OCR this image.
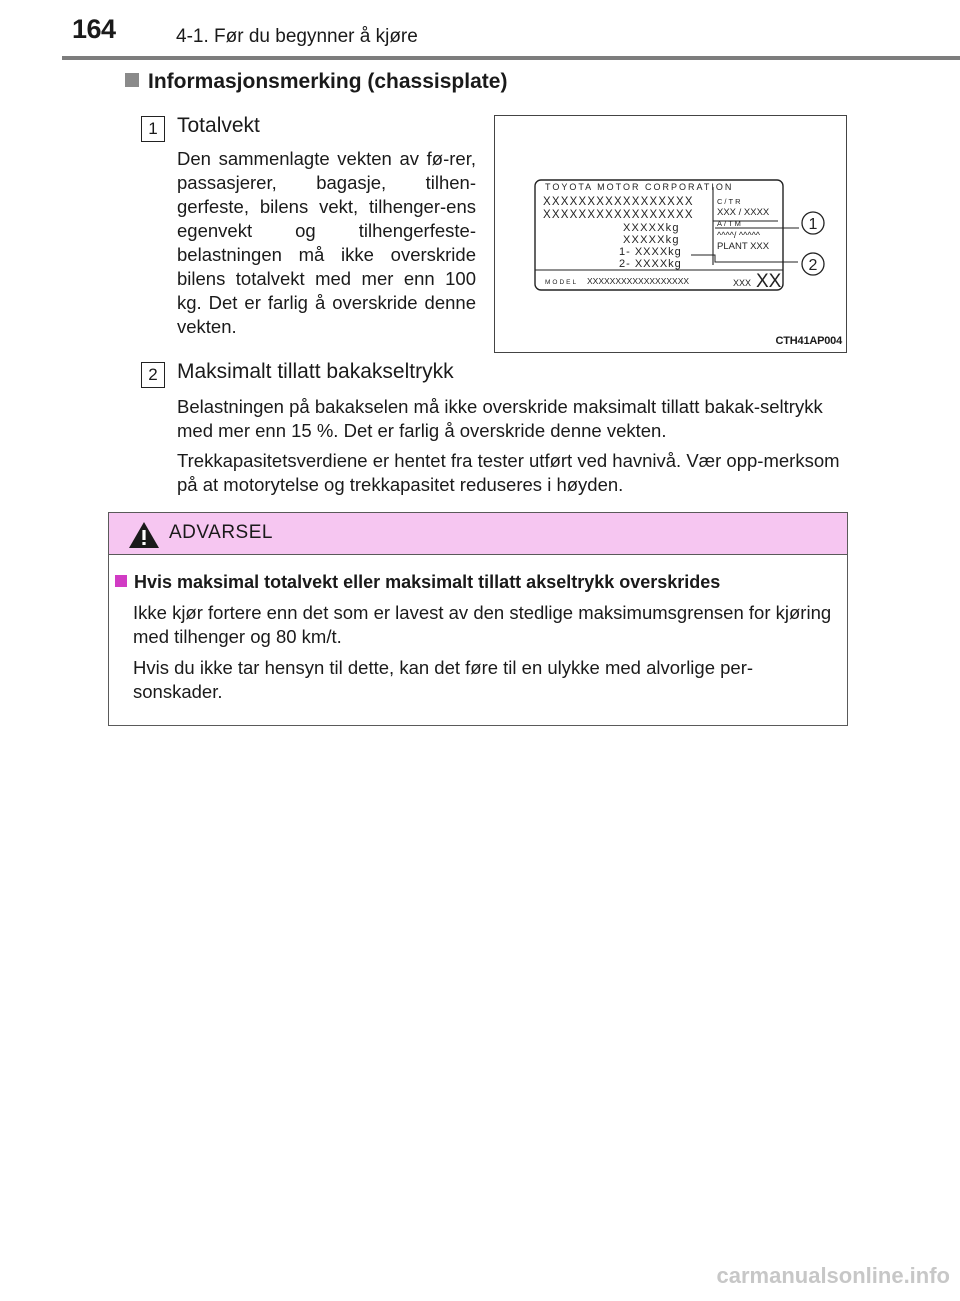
164	4-1. Før du begynner å kjøre
Informasjonsmerking (chassisplate)
1 Totalvekt
Den sammenlagte vekten av fø-rer, passasjerer, bagasje, tilhen-gerfeste, bilens vekt, tilhenger-ens egenvekt og tilhengerfeste-belastningen må ikke overskride bilens totalvekt med mer enn 100 kg. Det er farlig å overskride denne vekten.
TOYOTA MOTOR CORPORATION
XXXXXXXXXXXXXXXXX
XXXXXXXXXXXXXXXXX
XXXXXkg
XXXXXkg
1- XXXXkg
2- XXXXkg
C/TR
XXX / XXXX
A/TM
^^^^/ ^^^^^
PLANT XXX
MODEL XXXXXXXXXXXXXXXXXX	XXX XX
1
2
CTH41AP004
2 Maksimalt tillatt bakakseltrykk
Belastningen på bakakselen må ikke overskride maksimalt tillatt bakak-seltrykk med mer enn 15 %. Det er farlig å overskride denne vekten.
Trekkapasitetsverdiene er hentet fra tester utført ved havnivå. Vær opp-merksom på at motorytelse og trekkapasitet reduseres i høyden.
ADVARSEL
Hvis maksimal totalvekt eller maksimalt tillatt akseltrykk overskrides
Ikke kjør fortere enn det som er lavest av den stedlige maksimumsgrensen for kjøring med tilhenger og 80 km/t.
Hvis du ikke tar hensyn til dette, kan det føre til en ulykke med alvorlige per-sonskader.
carmanualsonline.info
